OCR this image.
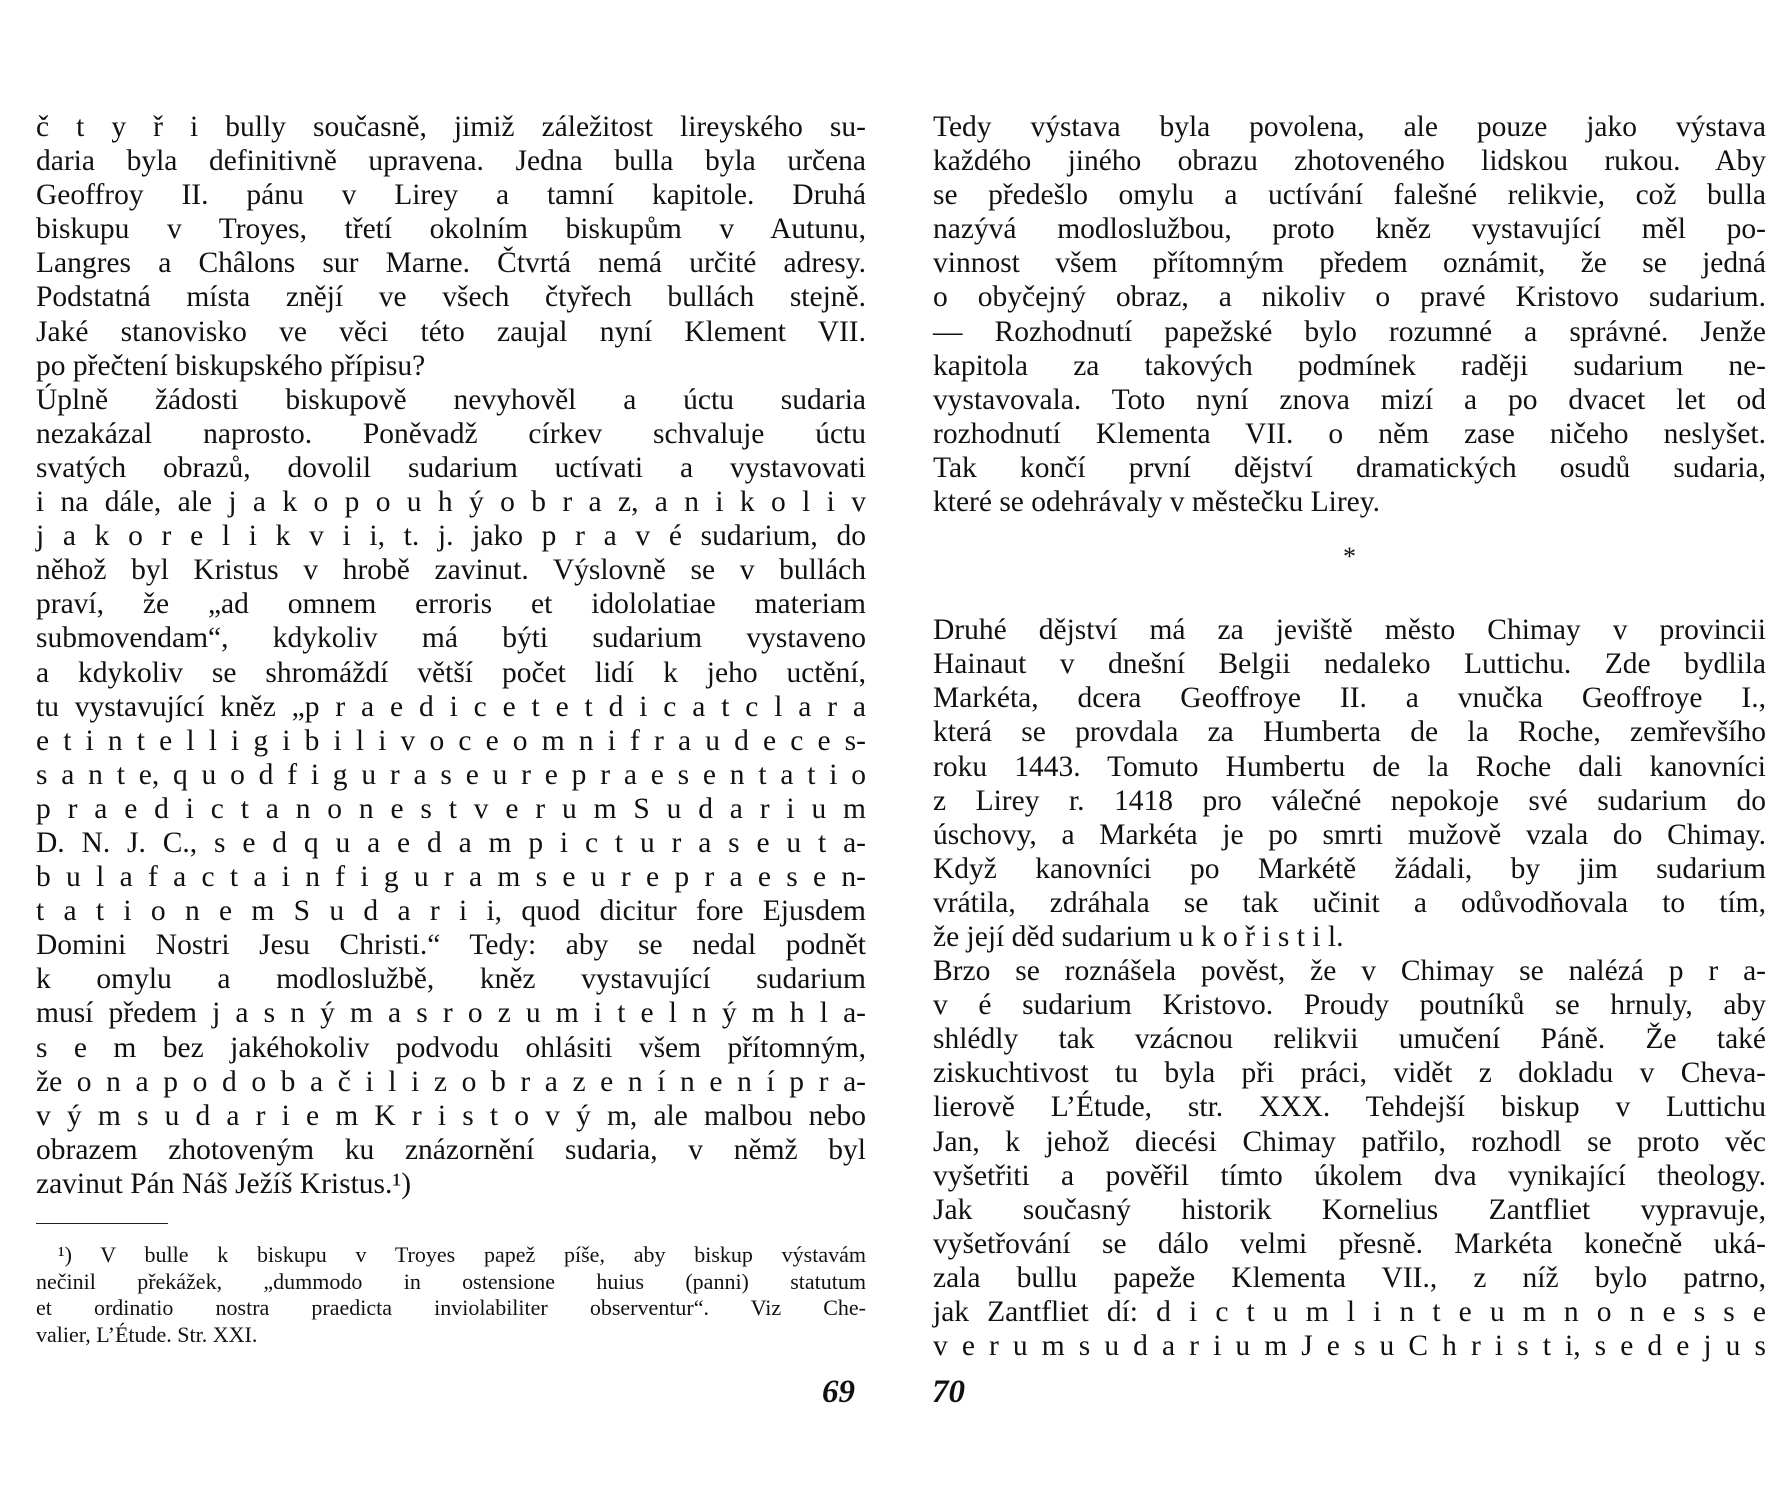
č t y ř i bully současně, jimiž záležitost lireyského su-
daria byla definitivně upravena. Jedna bulla byla určena
Geoffroy II. pánu v Lirey a tamní kapitole. Druhá
biskupu v Troyes, třetí okolním biskupům v Autunu,
Langres a Châlons sur Marne. Čtvrtá nemá určité adresy.
Podstatná místa znějí ve všech čtyřech bullách stejně.
Jaké stanovisko ve věci této zaujal nyní Klement VII.
po přečtení biskupského přípisu?
Úplně žádosti biskupově nevyhověl a úctu sudaria
nezakázal naprosto. Poněvadž církev schvaluje úctu
svatých obrazů, dovolil sudarium uctívati a vystavovati
i na dále, ale j a k o p o u h ý o b r a z, a n i k o l i v
j a k o r e l i k v i i, t. j. jako p r a v é sudarium, do
něhož byl Kristus v hrobě zavinut. Výslovně se v bullách
praví, že „ad omnem erroris et idololatiae materiam
submovendam“, kdykoliv má býti sudarium vystaveno
a kdykoliv se shromáždí větší počet lidí k jeho uctění,
tu vystavující kněz „p r a e d i c e t e t d i c a t c l a r a
e t i n t e l l i g i b i l i v o c e o m n i f r a u d e c e s-
s a n t e, q u o d f i g u r a s e u r e p r a e s e n t a t i o
p r a e d i c t a n o n e s t v e r u m S u d a r i u m
D. N. J. C., s e d q u a e d a m p i c t u r a s e u t a-
b u l a f a c t a i n f i g u r a m s e u r e p r a e s e n-
t a t i o n e m S u d a r i i, quod dicitur fore Ejusdem
Domini Nostri Jesu Christi.“ Tedy: aby se nedal podnět
k omylu a modloslužbě, kněz vystavující sudarium
musí předem j a s n ý m a s r o z u m i t e l n ý m h l a-
s e m bez jakéhokoliv podvodu ohlásiti všem přítomným,
že o n a p o d o b a č i l i z o b r a z e n í n e n í p r a-
v ý m s u d a r i e m K r i s t o v ý m, ale malbou nebo
obrazem zhotoveným ku znázornění sudaria, v němž byl
zavinut Pán Náš Ježíš Kristus.¹)
¹) V bulle k biskupu v Troyes papež píše, aby biskup výstavám
nečinil překážek, „dummodo in ostensione huius (panni) statutum
et ordinatio nostra praedicta inviolabiliter observentur“. Viz Che-
valier, L’Étude. Str. XXI.
69
Tedy výstava byla povolena, ale pouze jako výstava
každého jiného obrazu zhotoveného lidskou rukou. Aby
se předešlo omylu a uctívání falešné relikvie, což bulla
nazývá modloslužbou, proto kněz vystavující měl po-
vinnost všem přítomným předem oznámit, že se jedná
o obyčejný obraz, a nikoliv o pravé Kristovo sudarium.
— Rozhodnutí papežské bylo rozumné a správné. Jenže
kapitola za takových podmínek raději sudarium ne-
vystavovala. Toto nyní znova mizí a po dvacet let od
rozhodnutí Klementa VII. o něm zase ničeho neslyšet.
Tak končí první dějství dramatických osudů sudaria,
které se odehrávaly v městečku Lirey.
*
Druhé dějství má za jeviště město Chimay v provincii
Hainaut v dnešní Belgii nedaleko Luttichu. Zde bydlila
Markéta, dcera Geoffroye II. a vnučka Geoffroye I.,
která se provdala za Humberta de la Roche, zemřevšího
roku 1443. Tomuto Humbertu de la Roche dali kanovníci
z Lirey r. 1418 pro válečné nepokoje své sudarium do
úschovy, a Markéta je po smrti mužově vzala do Chimay.
Když kanovníci po Markétě žádali, by jim sudarium
vrátila, zdráhala se tak učinit a odůvodňovala to tím,
že její děd sudarium u k o ř i s t i l.
Brzo se roznášela pověst, že v Chimay se nalézá p r a-
v é sudarium Kristovo. Proudy poutníků se hrnuly, aby
shlédly tak vzácnou relikvii umučení Páně. Že také
ziskuchtivost tu byla při práci, vidět z dokladu v Cheva-
lierově L’Étude, str. XXX. Tehdejší biskup v Luttichu
Jan, k jehož diecési Chimay patřilo, rozhodl se proto věc
vyšetřiti a pověřil tímto úkolem dva vynikající theology.
Jak současný historik Kornelius Zantfliet vypravuje,
vyšetřování se dálo velmi přesně. Markéta konečně uká-
zala bullu papeže Klementa VII., z níž bylo patrno,
jak Zantfliet dí: d i c t u m l i n t e u m n o n e s s e
v e r u m s u d a r i u m J e s u C h r i s t i, s e d e j u s
70
